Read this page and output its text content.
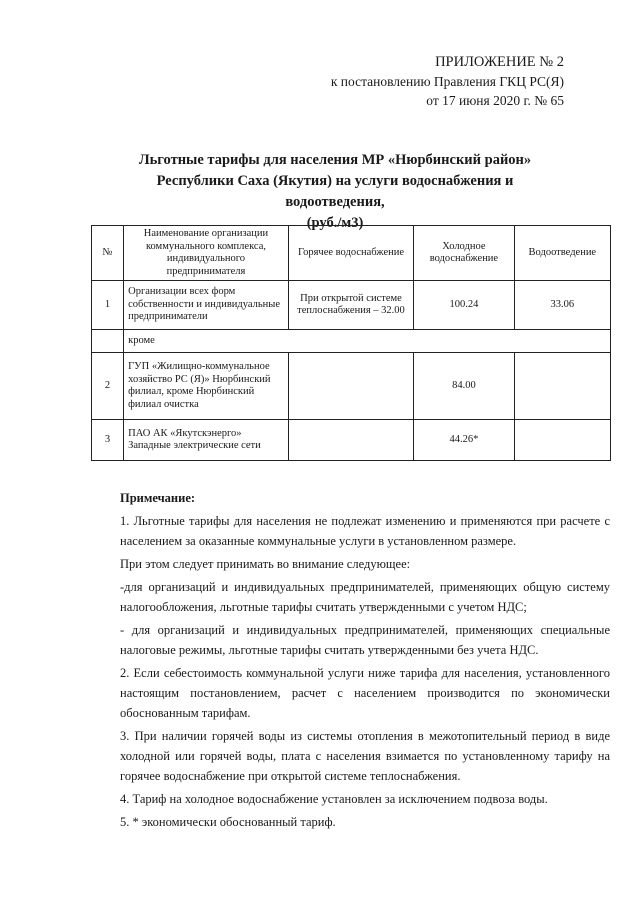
ПРИЛОЖЕНИЕ № 2
к постановлению Правления ГКЦ РС(Я)
от 17 июня 2020 г. № 65
Льготные тарифы для населения МР «Нюрбинский район»
Республики Саха (Якутия) на услуги водоснабжения и водоотведения,
(руб./м3)
№	Наименование организации коммунального комплекса, индивидуального предпринимателя	Горячее водоснабжение	Холодное водоснабжение	Водоотведение
1	Организации всех форм собственности и индивидуальные предприниматели	При открытой системе теплоснабжения – 32.00	100.24	33.06
	кроме			
2	ГУП «Жилищно-коммунальное хозяйство РС (Я)» Нюрбинский филиал, кроме Нюрбинский филиал очистка		84.00	
3	ПАО АК «Якутскэнерго» Западные электрические сети		44.26*	

Примечание:

1. Льготные тарифы для населения не подлежат изменению и применяются при расчете с населением за оказанные коммунальные услуги в установленном размере.

При этом следует принимать во внимание следующее:

-для организаций и индивидуальных предпринимателей, применяющих общую систему налогообложения, льготные тарифы считать утвержденными с учетом НДС;

- для организаций и индивидуальных предпринимателей, применяющих специальные налоговые режимы, льготные тарифы считать утвержденными без учета НДС.

2. Если себестоимость коммунальной услуги ниже тарифа для населения, установленного настоящим постановлением, расчет с населением производится по экономически обоснованным тарифам.

3. При наличии горячей воды из системы отопления в межотопительный период в виде холодной или горячей воды, плата с населения взимается по установленному тарифу на горячее водоснабжение при открытой системе теплоснабжения.

4. Тариф на холодное водоснабжение установлен за исключением подвоза воды.

5. * экономически обоснованный тариф.
